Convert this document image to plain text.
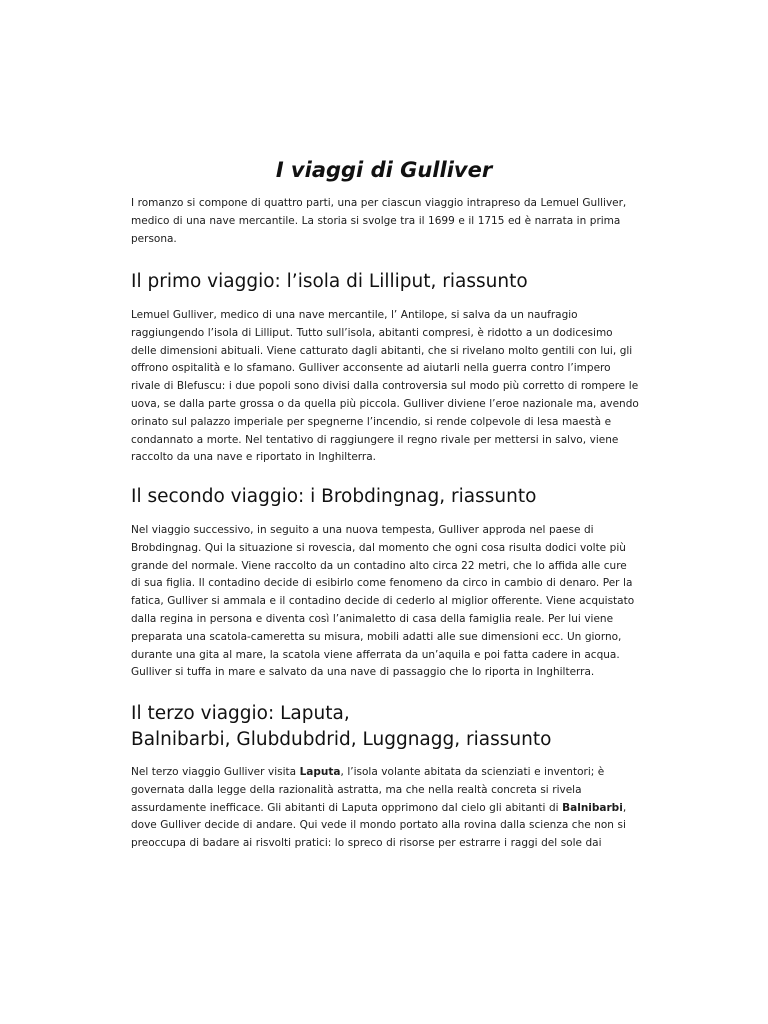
I viaggi di Gulliver

I romanzo si compone di quattro parti, una per ciascun viaggio intrapreso da Lemuel Gulliver,
medico di una nave mercantile. La storia si svolge tra il 1699 e il 1715 ed è narrata in prima
persona.

Il primo viaggio: l’isola di Lilliput, riassunto

Lemuel Gulliver, medico di una nave mercantile, l’ Antilope, si salva da un naufragio
raggiungendo l’isola di Lilliput. Tutto sull’isola, abitanti compresi, è ridotto a un dodicesimo
delle dimensioni abituali. Viene catturato dagli abitanti, che si rivelano molto gentili con lui, gli
offrono ospitalità e lo sfamano. Gulliver acconsente ad aiutarli nella guerra contro l’impero
rivale di Blefuscu: i due popoli sono divisi dalla controversia sul modo più corretto di rompere le
uova, se dalla parte grossa o da quella più piccola. Gulliver diviene l’eroe nazionale ma, avendo
orinato sul palazzo imperiale per spegnerne l’incendio, si rende colpevole di lesa maestà e
condannato a morte. Nel tentativo di raggiungere il regno rivale per mettersi in salvo, viene
raccolto da una nave e riportato in Inghilterra.

Il secondo viaggio: i Brobdingnag, riassunto

Nel viaggio successivo, in seguito a una nuova tempesta, Gulliver approda nel paese di
Brobdingnag. Qui la situazione si rovescia, dal momento che ogni cosa risulta dodici volte più
grande del normale. Viene raccolto da un contadino alto circa 22 metri, che lo affida alle cure
di sua figlia. Il contadino decide di esibirlo come fenomeno da circo in cambio di denaro. Per la
fatica, Gulliver si ammala e il contadino decide di cederlo al miglior offerente. Viene acquistato
dalla regina in persona e diventa così l’animaletto di casa della famiglia reale. Per lui viene
preparata una scatola-cameretta su misura, mobili adatti alle sue dimensioni ecc. Un giorno,
durante una gita al mare, la scatola viene afferrata da un’aquila e poi fatta cadere in acqua.
Gulliver si tuffa in mare e salvato da una nave di passaggio che lo riporta in Inghilterra.

Il terzo viaggio: Laputa,
Balnibarbi, Glubdubdrid, Luggnagg, riassunto

Nel terzo viaggio Gulliver visita Laputa, l’isola volante abitata da scienziati e inventori; è
governata dalla legge della razionalità astratta, ma che nella realtà concreta si rivela
assurdamente inefficace. Gli abitanti di Laputa opprimono dal cielo gli abitanti di Balnibarbi,
dove Gulliver decide di andare. Qui vede il mondo portato alla rovina dalla scienza che non si
preoccupa di badare ai risvolti pratici: lo spreco di risorse per estrarre i raggi del sole dai
